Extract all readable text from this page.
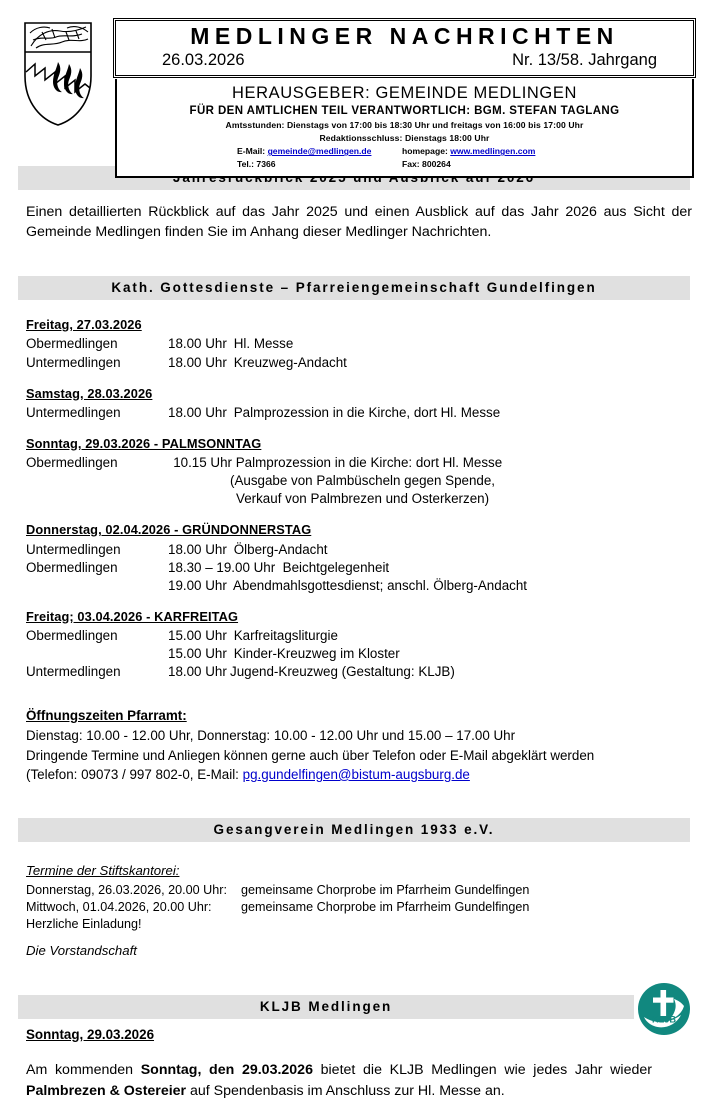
MEDLINGER NACHRICHTEN
26.03.2026	Nr. 13/58. Jahrgang
HERAUSGEBER: GEMEINDE MEDLINGEN
FÜR DEN AMTLICHEN TEIL VERANTWORTLICH: BGM. STEFAN TAGLANG
Amtsstunden: Dienstags von 17:00 bis 18:30 Uhr und freitags von 16:00 bis 17:00 Uhr
Redaktionsschluss: Dienstags 18:00 Uhr
E-Mail: gemeinde@medlingen.de	homepage: www.medlingen.com
Tel.: 7366	Fax: 800264

Einen detaillierten Rückblick auf das Jahr 2025 und einen Ausblick auf das Jahr 2026 aus Sicht der Gemeinde Medlingen finden Sie im Anhang dieser Medlinger Nachrichten.

Kath. Gottesdienste – Pfarreiengemeinschaft Gundelfingen
Freitag, 27.03.2026
Obermedlingen	18.00 Uhr Hl. Messe
Untermedlingen	18.00 Uhr Kreuzweg-Andacht
Samstag, 28.03.2026
Untermedlingen	18.00 Uhr Palmprozession in die Kirche, dort Hl. Messe
Sonntag, 29.03.2026 - PALMSONNTAG
Obermedlingen	10.15 Uhr Palmprozession in die Kirche: dort Hl. Messe
(Ausgabe von Palmbüscheln gegen Spende,
Verkauf von Palmbrezen und Osterkerzen)
Donnerstag, 02.04.2026 - GRÜNDONNERSTAG
Untermedlingen	18.00 Uhr Ölberg-Andacht
Obermedlingen	18.30 – 19.00 Uhr Beichtgelegenheit
19.00 Uhr Abendmahlsgottesdienst; anschl. Ölberg-Andacht
Freitag; 03.04.2026 - KARFREITAG
Obermedlingen	15.00 Uhr Karfreitagsliturgie
15.00 Uhr Kinder-Kreuzweg im Kloster
Untermedlingen	18.00 Uhr Jugend-Kreuzweg (Gestaltung: KLJB)
Öffnungszeiten Pfarramt:
Dienstag: 10.00 - 12.00 Uhr, Donnerstag: 10.00 - 12.00 Uhr und 15.00 – 17.00 Uhr
Dringende Termine und Anliegen können gerne auch über Telefon oder E-Mail abgeklärt werden
(Telefon: 09073 / 997 802-0, E-Mail: pg.gundelfingen@bistum-augsburg.de
Gesangverein Medlingen 1933 e.V.
Termine der Stiftskantorei:
Donnerstag, 26.03.2026, 20.00 Uhr:	gemeinsame Chorprobe im Pfarrheim Gundelfingen
Mittwoch, 01.04.2026, 20.00 Uhr:	gemeinsame Chorprobe im Pfarrheim Gundelfingen
Herzliche Einladung!
Die Vorstandschaft
KLJB
KLJB Medlingen
Sonntag, 29.03.2026
Am kommenden Sonntag, den 29.03.2026 bietet die KLJB Medlingen wie jedes Jahr wieder Palmbrezen & Ostereier auf Spendenbasis im Anschluss zur Hl. Messe an.
